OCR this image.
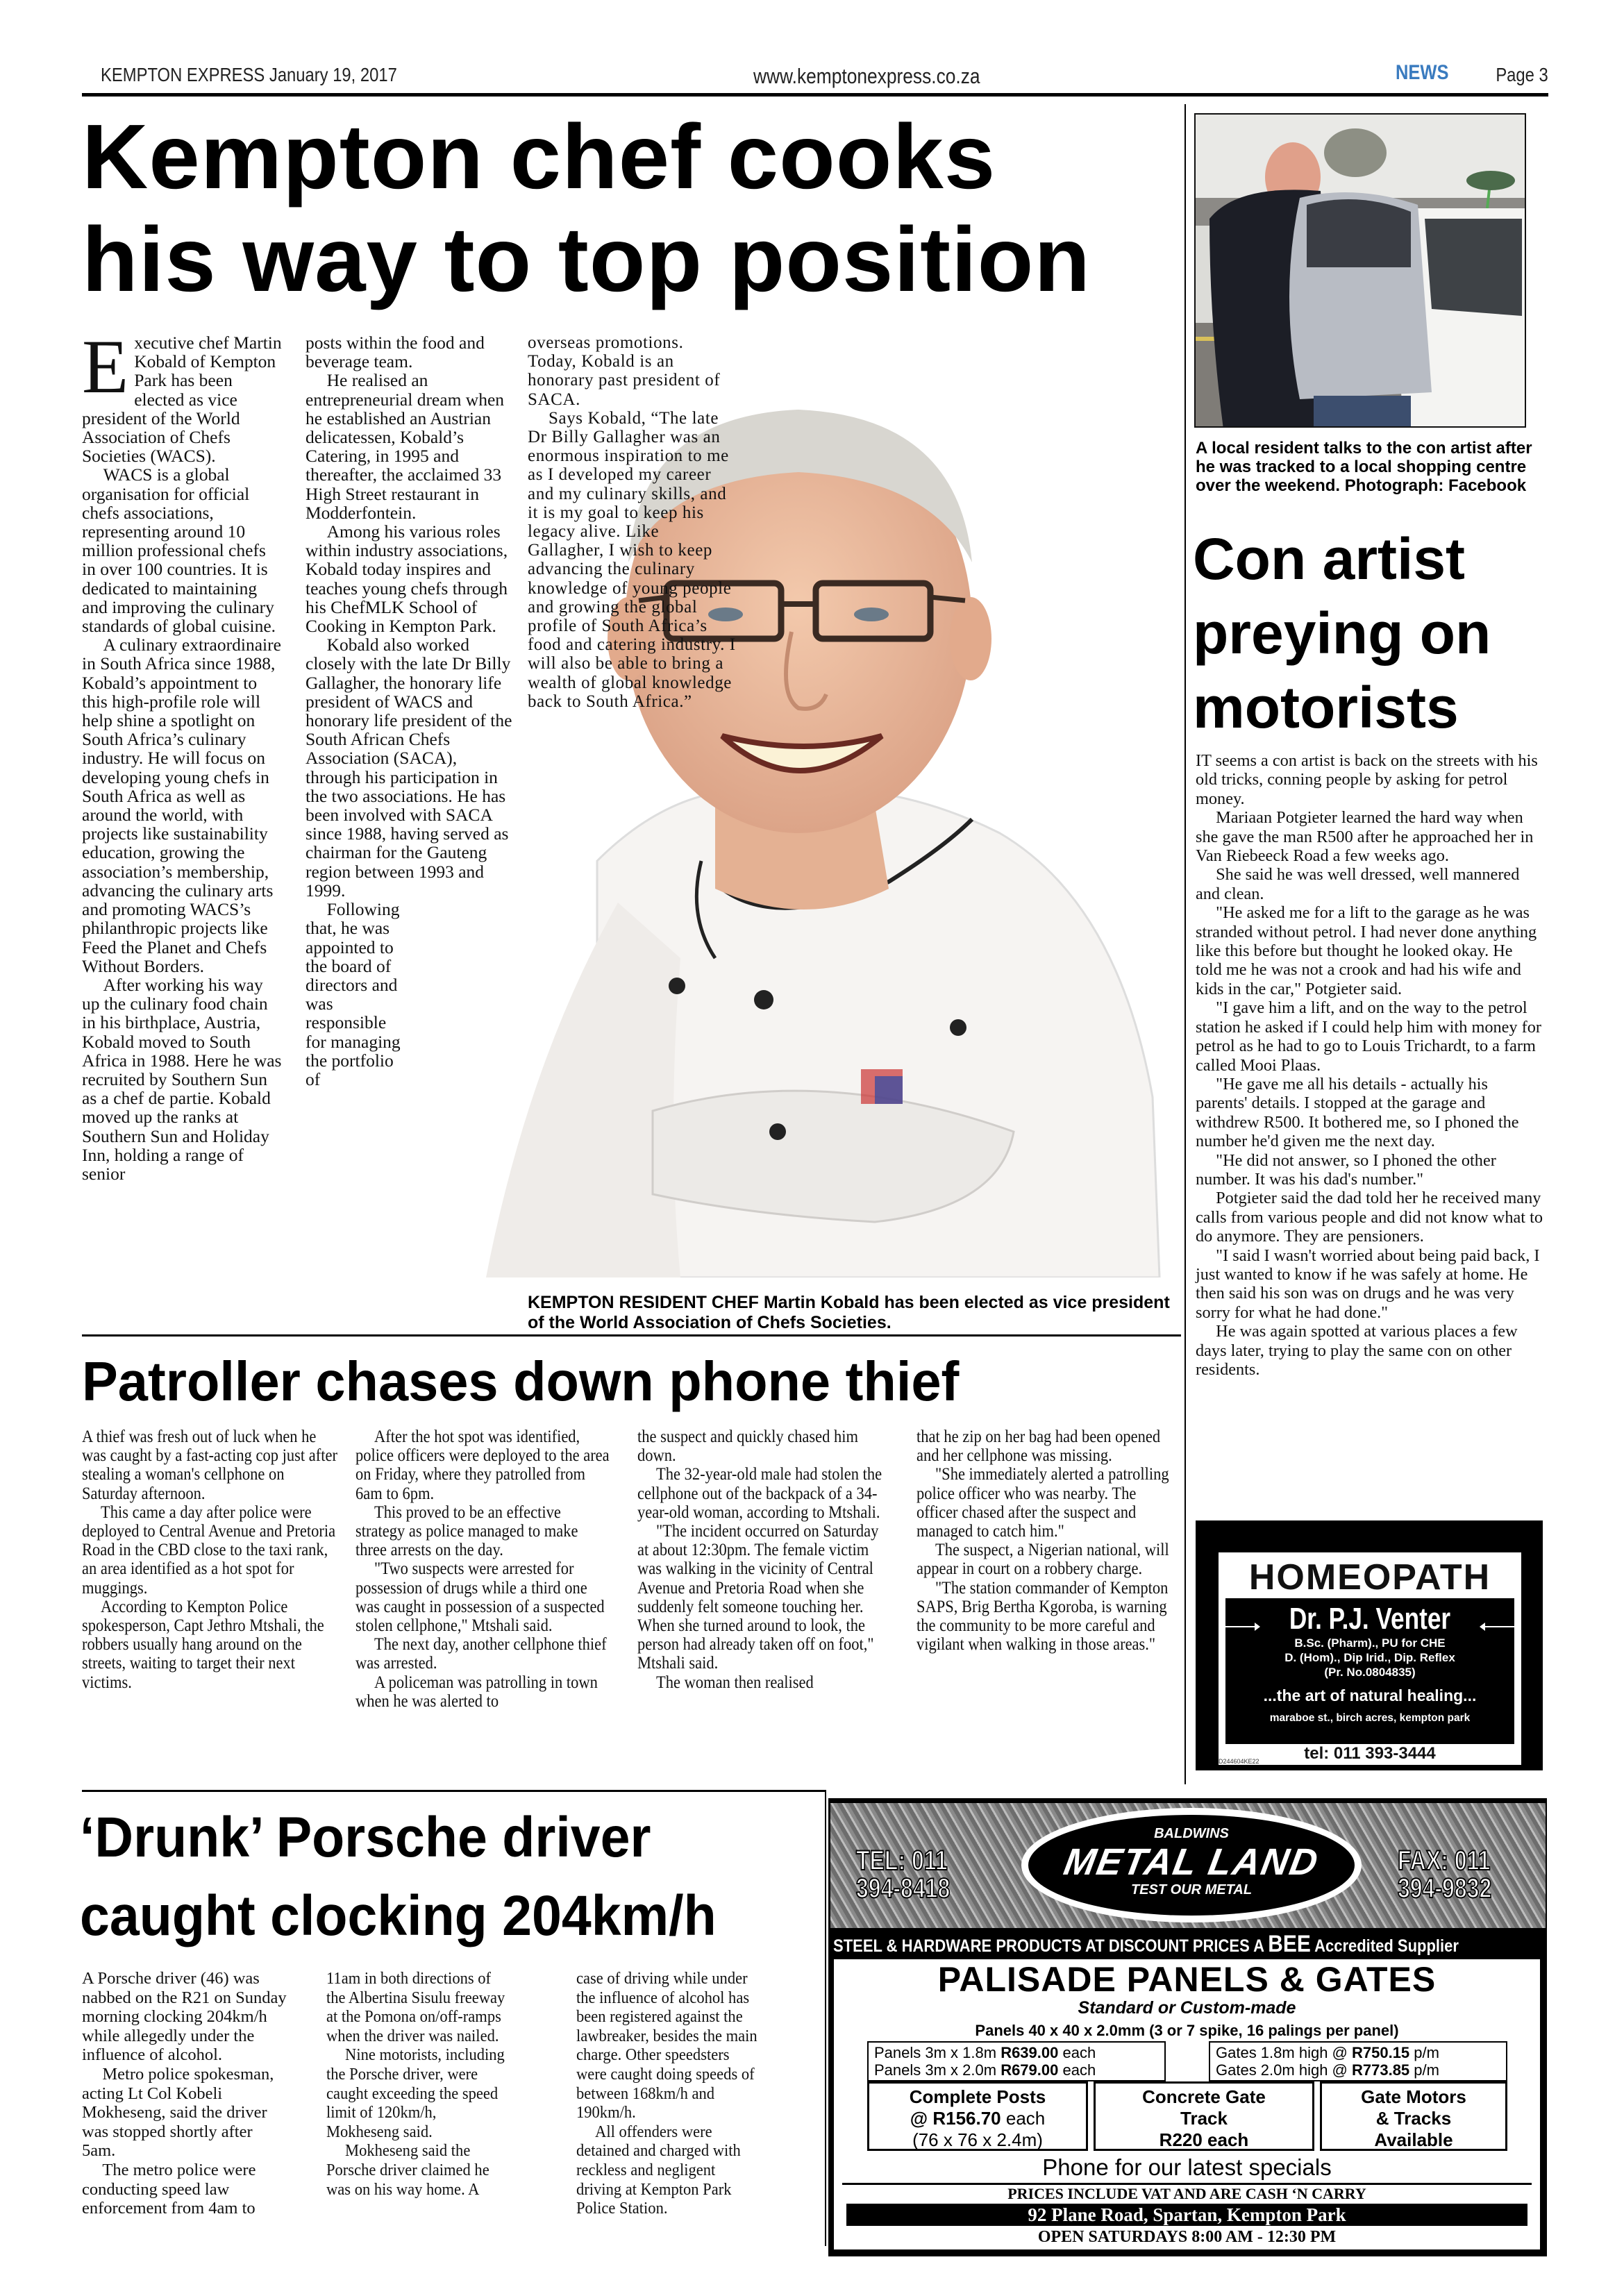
KEMPTON EXPRESS January 19, 2017	www.kemptonexpress.co.za	NEWS Page 3
Kempton chef cooks
his way to top position

Executive chef Martin Kobald of Kempton Park has been elected as vice president of the World Association of Chefs Societies (WACS).

WACS is a global organisation for official chefs associations, representing around 10 million professional chefs in over 100 countries. It is dedicated to maintaining and improving the culinary standards of global cuisine.

A culinary extraordinaire in South Africa since 1988, Kobald’s appointment to this high-profile role will help shine a spotlight on South Africa’s culinary industry. He will focus on developing young chefs in South Africa as well as around the world, with projects like sustainability education, growing the association’s membership, advancing the culinary arts and promoting WACS’s philanthropic projects like Feed the Planet and Chefs Without Borders.

After working his way up the culinary food chain in his birthplace, Austria, Kobald moved to South Africa in 1988. Here he was recruited by Southern Sun as a chef de partie. Kobald moved up the ranks at Southern Sun and Holiday Inn, holding a range of senior

posts within the food and beverage team.

He realised an entrepreneurial dream when he established an Austrian delicatessen, Kobald’s Catering, in 1995 and thereafter, the acclaimed 33 High Street restaurant in Modderfontein.

Among his various roles within industry associations, Kobald today inspires and teaches young chefs through his ChefMLK School of Cooking in Kempton Park.

Kobald also worked closely with the late Dr Billy Gallagher, the honorary life president of WACS and honorary life president of the South African Chefs Association (SACA), through his participation in the two associations. He has been involved with SACA since 1988, having served as chairman for the Gauteng region between 1993 and 1999.

Following that, he was appointed to the board of directors and was responsible for managing the portfolio of

overseas promotions. Today, Kobald is an honorary past president of SACA.

Says Kobald, “The late Dr Billy Gallagher was an enormous inspiration to me as I developed my career and my culinary skills, and it is my goal to keep his legacy alive. Like Gallagher, I wish to keep advancing the culinary knowledge of young people and growing the global profile of South Africa’s food and catering industry. I will also be able to bring a wealth of global knowledge back to South Africa.”

KEMPTON RESIDENT CHEF Martin Kobald has been elected as vice president of the World Association of Chefs Societies.
A local resident talks to the con artist after he was tracked to a local shopping centre over the weekend. Photograph: Facebook
Con artist preying on motorists

IT seems a con artist is back on the streets with his old tricks, conning people by asking for petrol money.

Mariaan Potgieter learned the hard way when she gave the man R500 after he approached her in Van Riebeeck Road a few weeks ago.

She said he was well dressed, well mannered and clean.

"He asked me for a lift to the garage as he was stranded without petrol. I had never done anything like this before but thought he looked okay. He told me he was not a crook and had his wife and kids in the car," Potgieter said.

"I gave him a lift, and on the way to the petrol station he asked if I could help him with money for petrol as he had to go to Louis Trichardt, to a farm called Mooi Plaas.

"He gave me all his details - actually his parents' details. I stopped at the garage and withdrew R500. It bothered me, so I phoned the number he'd given me the next day.

"He did not answer, so I phoned the other number. It was his dad's number."

Potgieter said the dad told her he received many calls from various people and did not know what to do anymore. They are pensioners.

"I said I wasn't worried about being paid back, I just wanted to know if he was safely at home. He then said his son was on drugs and he was very sorry for what he had done."

He was again spotted at various places a few days later, trying to play the same con on other residents.

Patroller chases down phone thief

A thief was fresh out of luck when he was caught by a fast-acting cop just after stealing a woman's cellphone on Saturday afternoon.

This came a day after police were deployed to Central Avenue and Pretoria Road in the CBD close to the taxi rank, an area identified as a hot spot for muggings.

According to Kempton Police spokesperson, Capt Jethro Mtshali, the robbers usually hang around on the streets, waiting to target their next victims.

After the hot spot was identified, police officers were deployed to the area on Friday, where they patrolled from 6am to 6pm.

This proved to be an effective strategy as police managed to make three arrests on the day.

"Two suspects were arrested for possession of drugs while a third one was caught in possession of a suspected stolen cellphone," Mtshali said.

The next day, another cellphone thief was arrested.

A policeman was patrolling in town when he was alerted to

the suspect and quickly chased him down.

The 32-year-old male had stolen the cellphone out of the backpack of a 34-year-old woman, according to Mtshali.

"The incident occurred on Saturday at about 12:30pm. The female victim was walking in the vicinity of Central Avenue and Pretoria Road when she suddenly felt someone touching her. When she turned around to look, the person had already taken off on foot," Mtshali said.

The woman then realised

that he zip on her bag had been opened and her cellphone was missing.

"She immediately alerted a patrolling police officer who was nearby. The officer chased after the suspect and managed to catch him."

The suspect, a Nigerian national, will appear in court on a robbery charge.

"The station commander of Kempton SAPS, Brig Bertha Kgoroba, is warning the community to be more careful and vigilant when walking in those areas."

‘Drunk’ Porsche driver
caught clocking 204km/h

A Porsche driver (46) was nabbed on the R21 on Sunday morning clocking 204km/h while allegedly under the influence of alcohol.

Metro police spokesman, acting Lt Col Kobeli Mokheseng, said the driver was stopped shortly after 5am.

The metro police were conducting speed law enforcement from 4am to

11am in both directions of the Albertina Sisulu freeway at the Pomona on/off-ramps when the driver was nailed.

Nine motorists, including the Porsche driver, were caught exceeding the speed limit of 120km/h, Mokheseng said.

Mokheseng said the Porsche driver claimed he was on his way home. A

case of driving while under the influence of alcohol has been registered against the lawbreaker, besides the main charge. Other speedsters were caught doing speeds of between 168km/h and 190km/h.

All offenders were detained and charged with reckless and negligent driving at Kempton Park Police Station.

HOMEOPATH
Dr. P.J. Venter
B.Sc. (Pharm)., PU for CHE
D. (Hom)., Dip Irid., Dip. Reflex
(Pr. No.0804835)
...the art of natural healing...
maraboe st., birch acres, kempton park
tel: 011 393-3444
D244604KE22
TEL: 011
394-8418
FAX: 011
394-9832
BALDWINS
METAL LAND
TEST OUR METAL
STEEL & HARDWARE PRODUCTS AT DISCOUNT PRICES A BEE Accredited Supplier
PALISADE PANELS & GATES
Standard or Custom-made
Panels 40 x 40 x 2.0mm (3 or 7 spike, 16 palings per panel)
Panels 3m x 1.8m R639.00 each
Panels 3m x 2.0m R679.00 each
Gates 1.8m high @ R750.15 p/m
Gates 2.0m high @ R773.85 p/m
Complete Posts
@ R156.70 each
(76 x 76 x 2.4m)
Concrete Gate
Track
R220 each
Gate Motors
& Tracks
Available
Phone for our latest specials
PRICES INCLUDE VAT AND ARE CASH ‘N CARRY
92 Plane Road, Spartan, Kempton Park
OPEN SATURDAYS 8:00 AM - 12:30 PM
